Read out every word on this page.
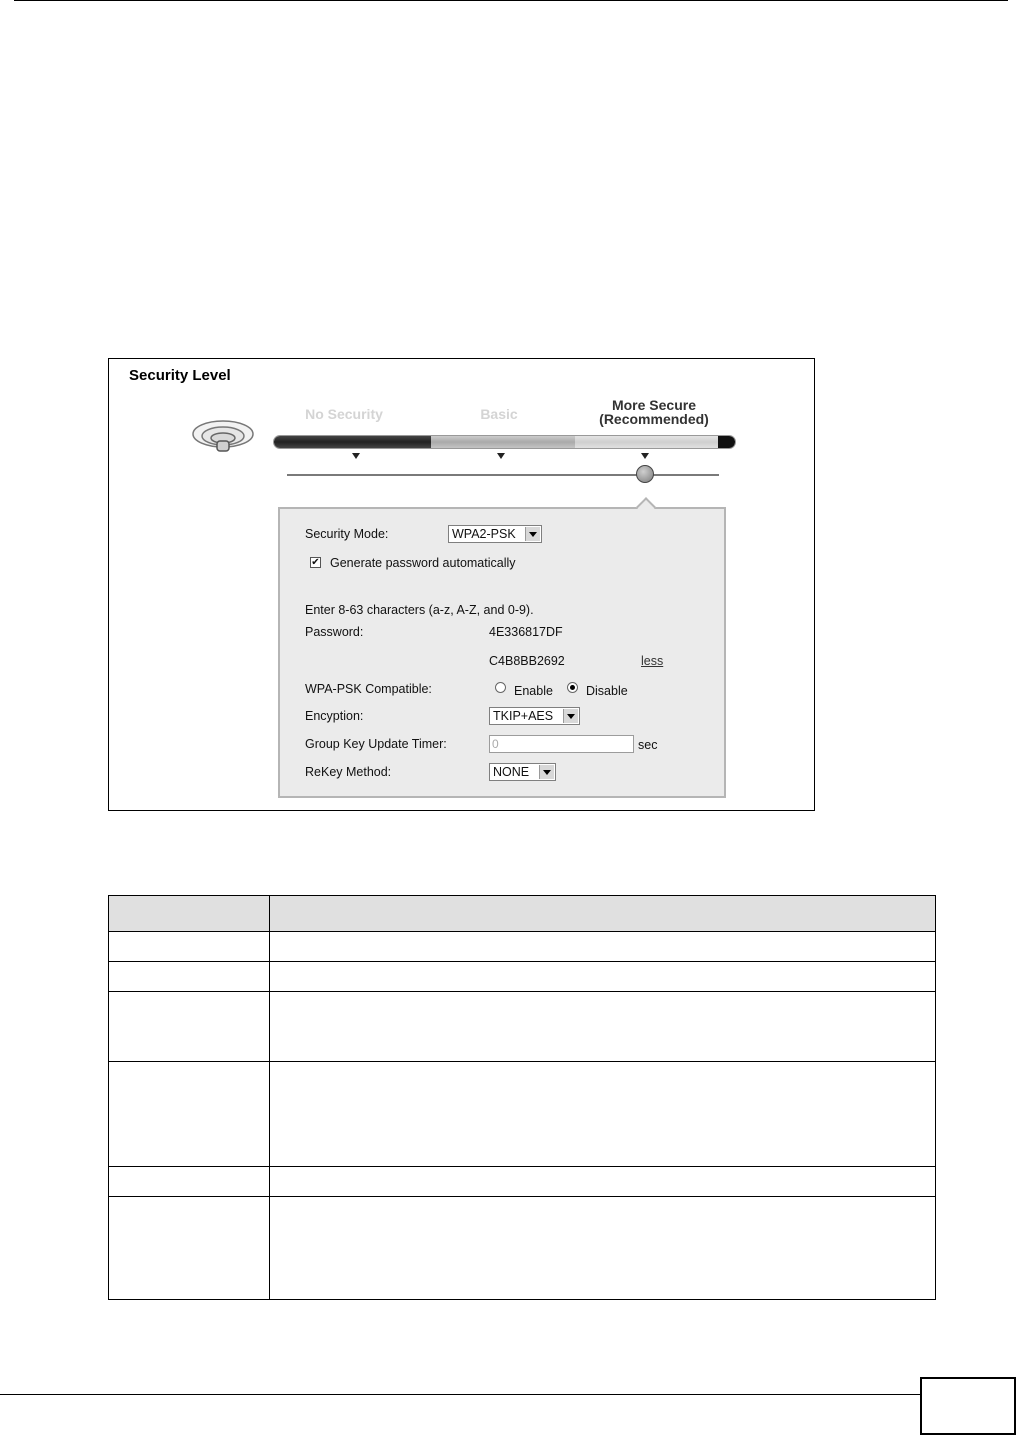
Security Level
No Security	Basic
More Secure
(Recommended)
Security Mode:	WPA2-PSK
✔ Generate password automatically
Enter 8-63 characters (a-z, A-Z, and 0-9).
Password:	4E336817DF
C4B8BB2692	less
WPA-PSK Compatible:	Enable	Disable
Encyption:	TKIP+AES
Group Key Update Timer:	0	sec
ReKey Method:	NONE
